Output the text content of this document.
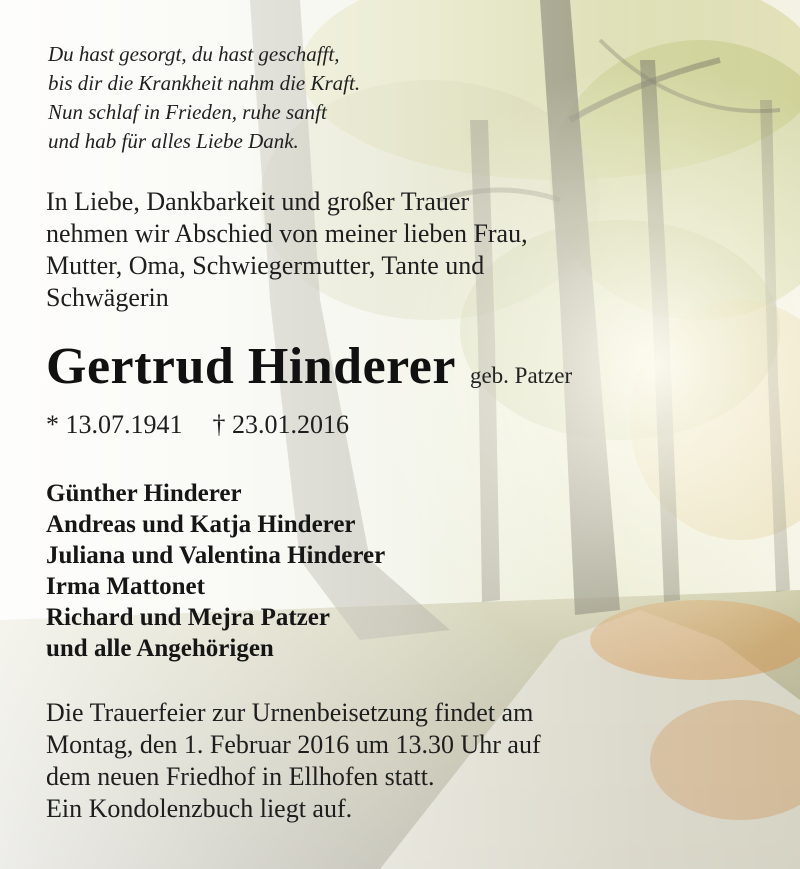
Du hast gesorgt, du hast geschafft,
bis dir die Krankheit nahm die Kraft.
Nun schlaf in Frieden, ruhe sanft
und hab für alles Liebe Dank.
In Liebe, Dankbarkeit und großer Trauer
nehmen wir Abschied von meiner lieben Frau,
Mutter, Oma, Schwiegermutter, Tante und
Schwägerin
Gertrud Hinderer geb. Patzer
* 13.07.1941 † 23.01.2016
Günther Hinderer
Andreas und Katja Hinderer
Juliana und Valentina Hinderer
Irma Mattonet
Richard und Mejra Patzer
und alle Angehörigen
Die Trauerfeier zur Urnenbeisetzung findet am
Montag, den 1. Februar 2016 um 13.30 Uhr auf
dem neuen Friedhof in Ellhofen statt.
Ein Kondolenzbuch liegt auf.
